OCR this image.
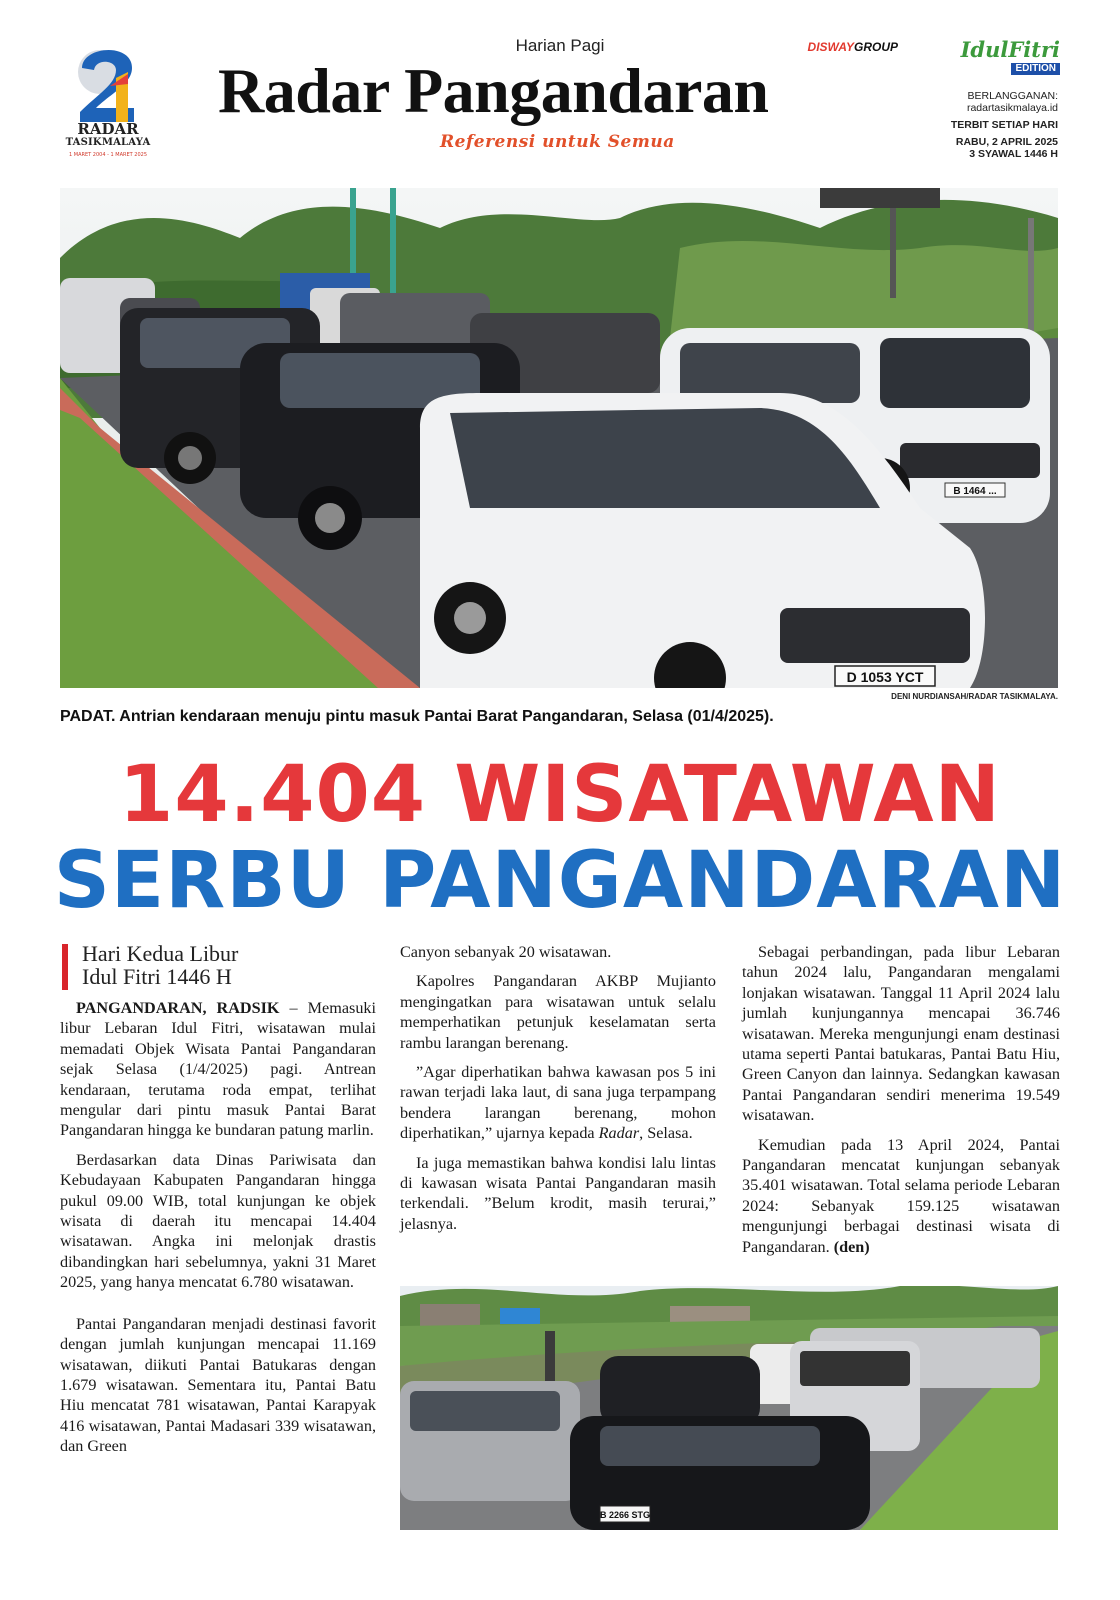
RADAR
TASIKMALAYA
1 MARET 2004 - 1 MARET 2025
Harian Pagi
Radar Pangandaran
Referensi untuk Semua
DISWAYGROUP	IdulFitri
EDITION
BERLANGGANAN:
radartasikmalaya.id
TERBIT SETIAP HARI
RABU, 2 APRIL 2025
3 SYAWAL 1446 H
B 1464 ...
D 1053 YCT
DENI NURDIANSAH/RADAR TASIKMALAYA.
PADAT. Antrian kendaraan menuju pintu masuk Pantai Barat Pangandaran, Selasa (01/4/2025).
14.404 WISATAWAN
SERBU PANGANDARAN
Hari Kedua Libur
Idul Fitri 1446 H

PANGANDARAN, RADSIK – Memasuki libur Lebaran Idul Fitri, wisatawan mulai memadati Objek Wisata Pantai Pangandaran sejak Selasa (1/4/2025) pagi. Antrean kendaraan, terutama roda empat, terlihat mengular dari pintu masuk Pantai Barat Pangandaran hingga ke bundaran patung marlin.

Berdasarkan data Dinas Pariwisata dan Kebudayaan Kabupaten Pangandaran hingga pukul 09.00 WIB, total kunjungan ke objek wisata di daerah itu mencapai 14.404 wisatawan. Angka ini melonjak drastis dibandingkan hari sebelumnya, yakni 31 Maret 2025, yang hanya mencatat 6.780 wisatawan.

Pantai Pangandaran menjadi destinasi favorit dengan jumlah kunjungan mencapai 11.169 wisatawan, diikuti Pantai Batukaras dengan 1.679 wisatawan. Sementara itu, Pantai Batu Hiu mencatat 781 wisatawan, Pantai Karapyak 416 wisatawan, Pantai Madasari 339 wisatawan, dan Green

Canyon sebanyak 20 wisatawan.

Kapolres Pangandaran AKBP Mujianto mengingatkan para wisatawan untuk selalu memperhatikan petunjuk keselamatan serta rambu larangan berenang.

”Agar diperhatikan bahwa kawasan pos 5 ini rawan terjadi laka laut, di sana juga terpampang bendera larangan berenang, mohon diperhatikan,” ujarnya kepada Radar, Selasa.

Ia juga memastikan bahwa kondisi lalu lintas di kawasan wisata Pantai Pangandaran masih terkendali. ”Belum krodit, masih terurai,” jelasnya.

Sebagai perbandingan, pada libur Lebaran tahun 2024 lalu, Pangandaran mengalami lonjakan wisatawan. Tanggal 11 April 2024 lalu jumlah kunjungannya mencapai 36.746 wisatawan. Mereka mengunjungi enam destinasi utama seperti Pantai batukaras, Pantai Batu Hiu, Green Canyon dan lainnya. Sedangkan kawasan Pantai Pangandaran sendiri menerima 19.549 wisatawan.

Kemudian pada 13 April 2024, Pantai Pangandaran mencatat kunjungan sebanyak 35.401 wisatawan. Total selama periode Lebaran 2024: Sebanyak 159.125 wisatawan mengunjungi berbagai destinasi wisata di Pangandaran. (den)

B 2266 STG
